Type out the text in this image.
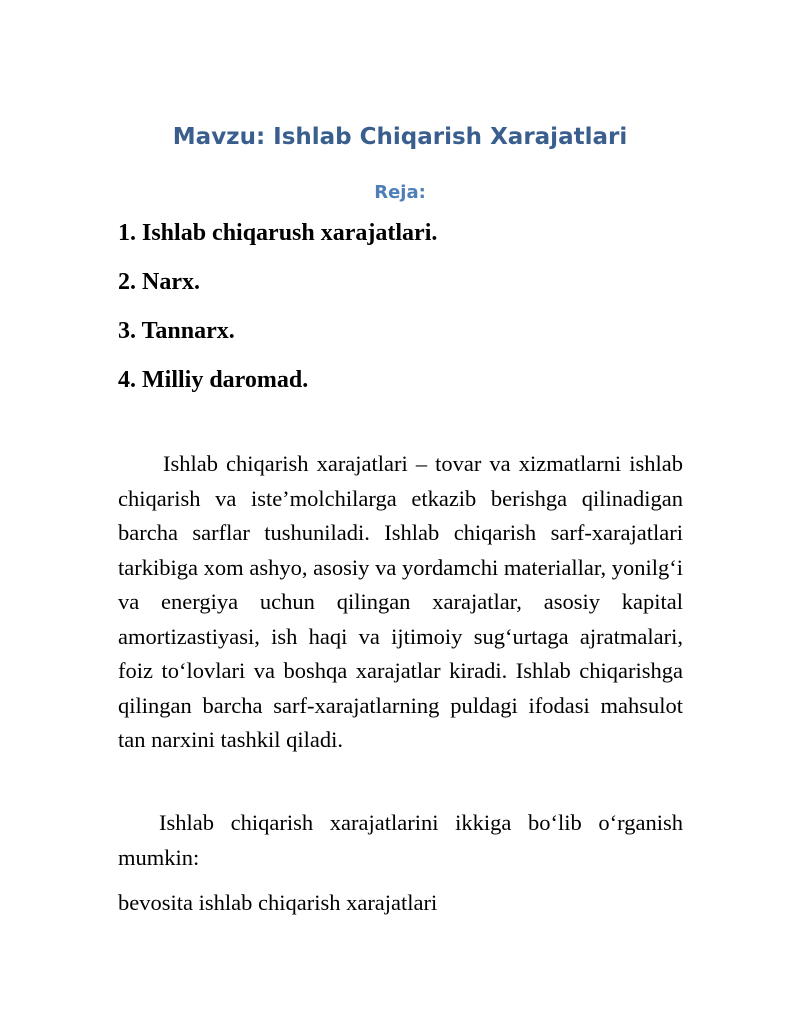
Mavzu: Ishlab Chiqarish Xarajatlari
Reja:
1. Ishlab chiqarush xarajatlari.
2. Narx.
3. Tannarx.
4. Milliy daromad.

Ishlab chiqarish xarajatlari – tovar va xizmatlarni ishlab chiqarish va iste’molchilarga etkazib berishga qilinadigan barcha sarflar tushuniladi. Ishlab chiqarish sarf-xarajatlari tarkibiga xom ashyo, asosiy va yordamchi materiallar, yonilg‘i va energiya uchun qilingan xarajatlar, asosiy kapital amortizastiyasi, ish haqi va ijtimoiy sug‘urtaga ajratmalari, foiz to‘lovlari va boshqa xarajatlar kiradi. Ishlab chiqarishga qilingan barcha sarf-xarajatlarning puldagi ifodasi mahsulot tan narxini tashkil qiladi.

Ishlab chiqarish xarajatlarini ikkiga bo‘lib o‘rganish mumkin:

bevosita ishlab chiqarish xarajatlari
